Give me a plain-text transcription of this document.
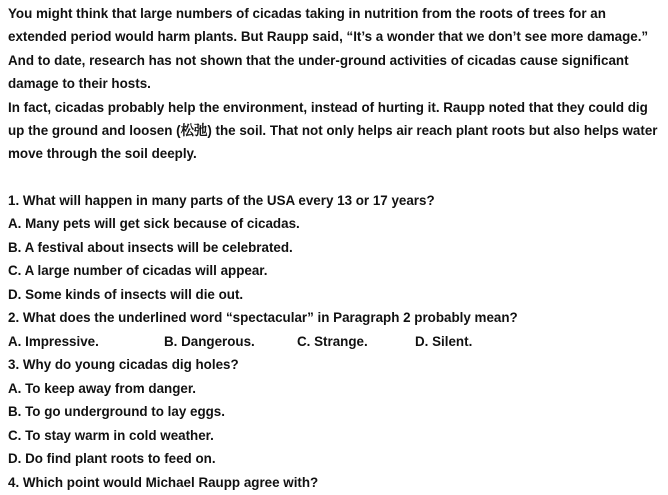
You might think that large numbers of cicadas taking in nutrition from the roots of trees for an extended period would harm plants. But Raupp said, “It’s a wonder that we don’t see more damage.” And to date, research has not shown that the under-ground activities of cicadas cause significant damage to their hosts.

In fact, cicadas probably help the environment, instead of hurting it. Raupp noted that they could dig up the ground and loosen (松弛) the soil. That not only helps air reach plant roots but also helps water move through the soil deeply.

1. What will happen in many parts of the USA every 13 or 17 years?

A. Many pets will get sick because of cicadas.

B. A festival about insects will be celebrated.

C. A large number of cicadas will appear.

D. Some kinds of insects will die out.

2. What does the underlined word “spectacular” in Paragraph 2 probably mean?

A. Impressive.	B. Dangerous.	C. Strange.	D. Silent.

3. Why do young cicadas dig holes?

A. To keep away from danger.

B. To go underground to lay eggs.

C. To stay warm in cold weather.

D. Do find plant roots to feed on.

4. Which point would Michael Raupp agree with?
